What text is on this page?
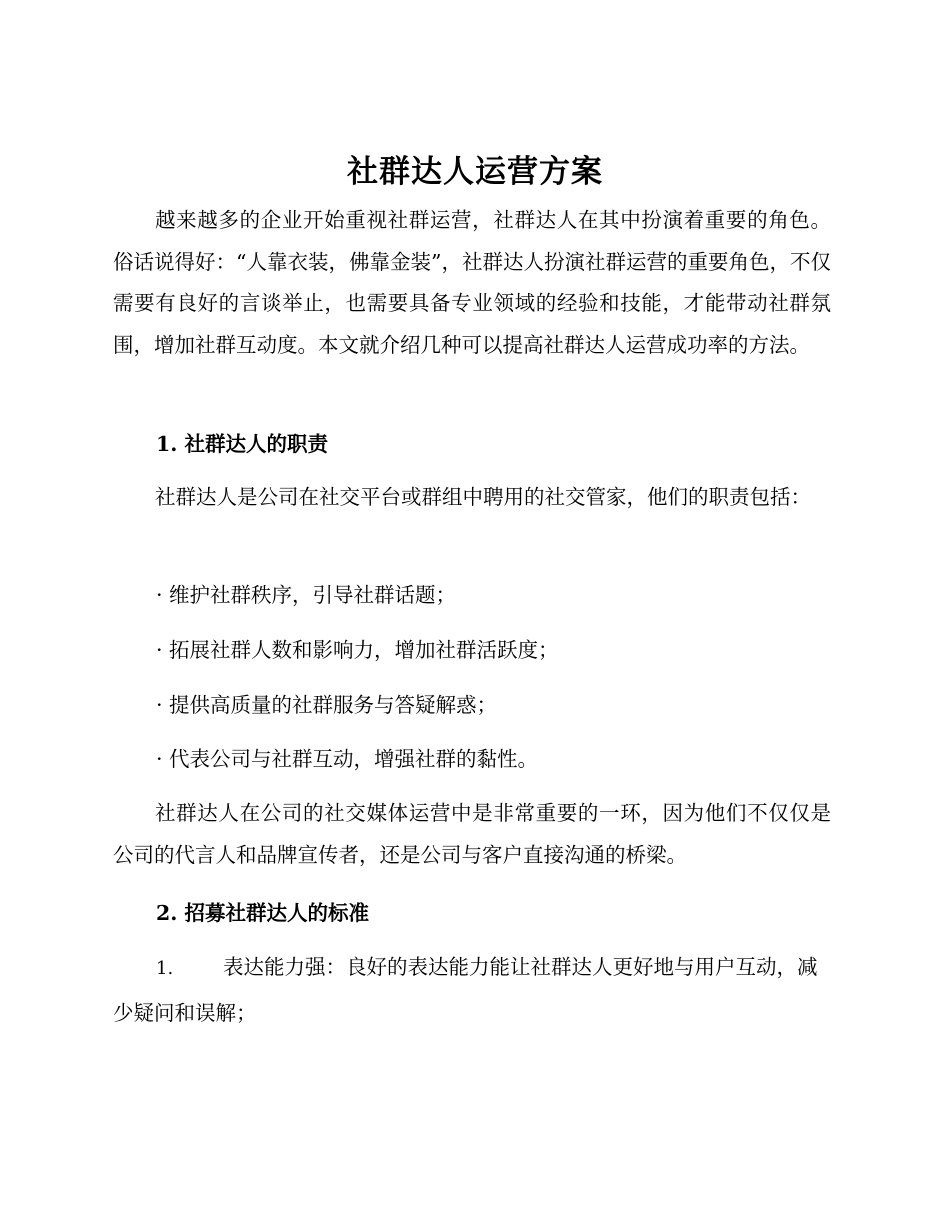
社群达人运营方案
越来越多的企业开始重视社群运营，社群达人在其中扮演着重要的角色。俗话说得好：“人靠衣装，佛靠金装”，社群达人扮演社群运营的重要角色，不仅需要有良好的言谈举止，也需要具备专业领域的经验和技能，才能带动社群氛围，增加社群互动度。本文就介绍几种可以提高社群达人运营成功率的方法。
1. 社群达人的职责
社群达人是公司在社交平台或群组中聘用的社交管家，他们的职责包括：
· 维护社群秩序，引导社群话题；
· 拓展社群人数和影响力，增加社群活跃度；
· 提供高质量的社群服务与答疑解惑；
· 代表公司与社群互动，增强社群的黏性。
社群达人在公司的社交媒体运营中是非常重要的一环，因为他们不仅仅是公司的代言人和品牌宣传者，还是公司与客户直接沟通的桥梁。
2. 招募社群达人的标准
1. 表达能力强：良好的表达能力能让社群达人更好地与用户互动，减少疑问和误解；
